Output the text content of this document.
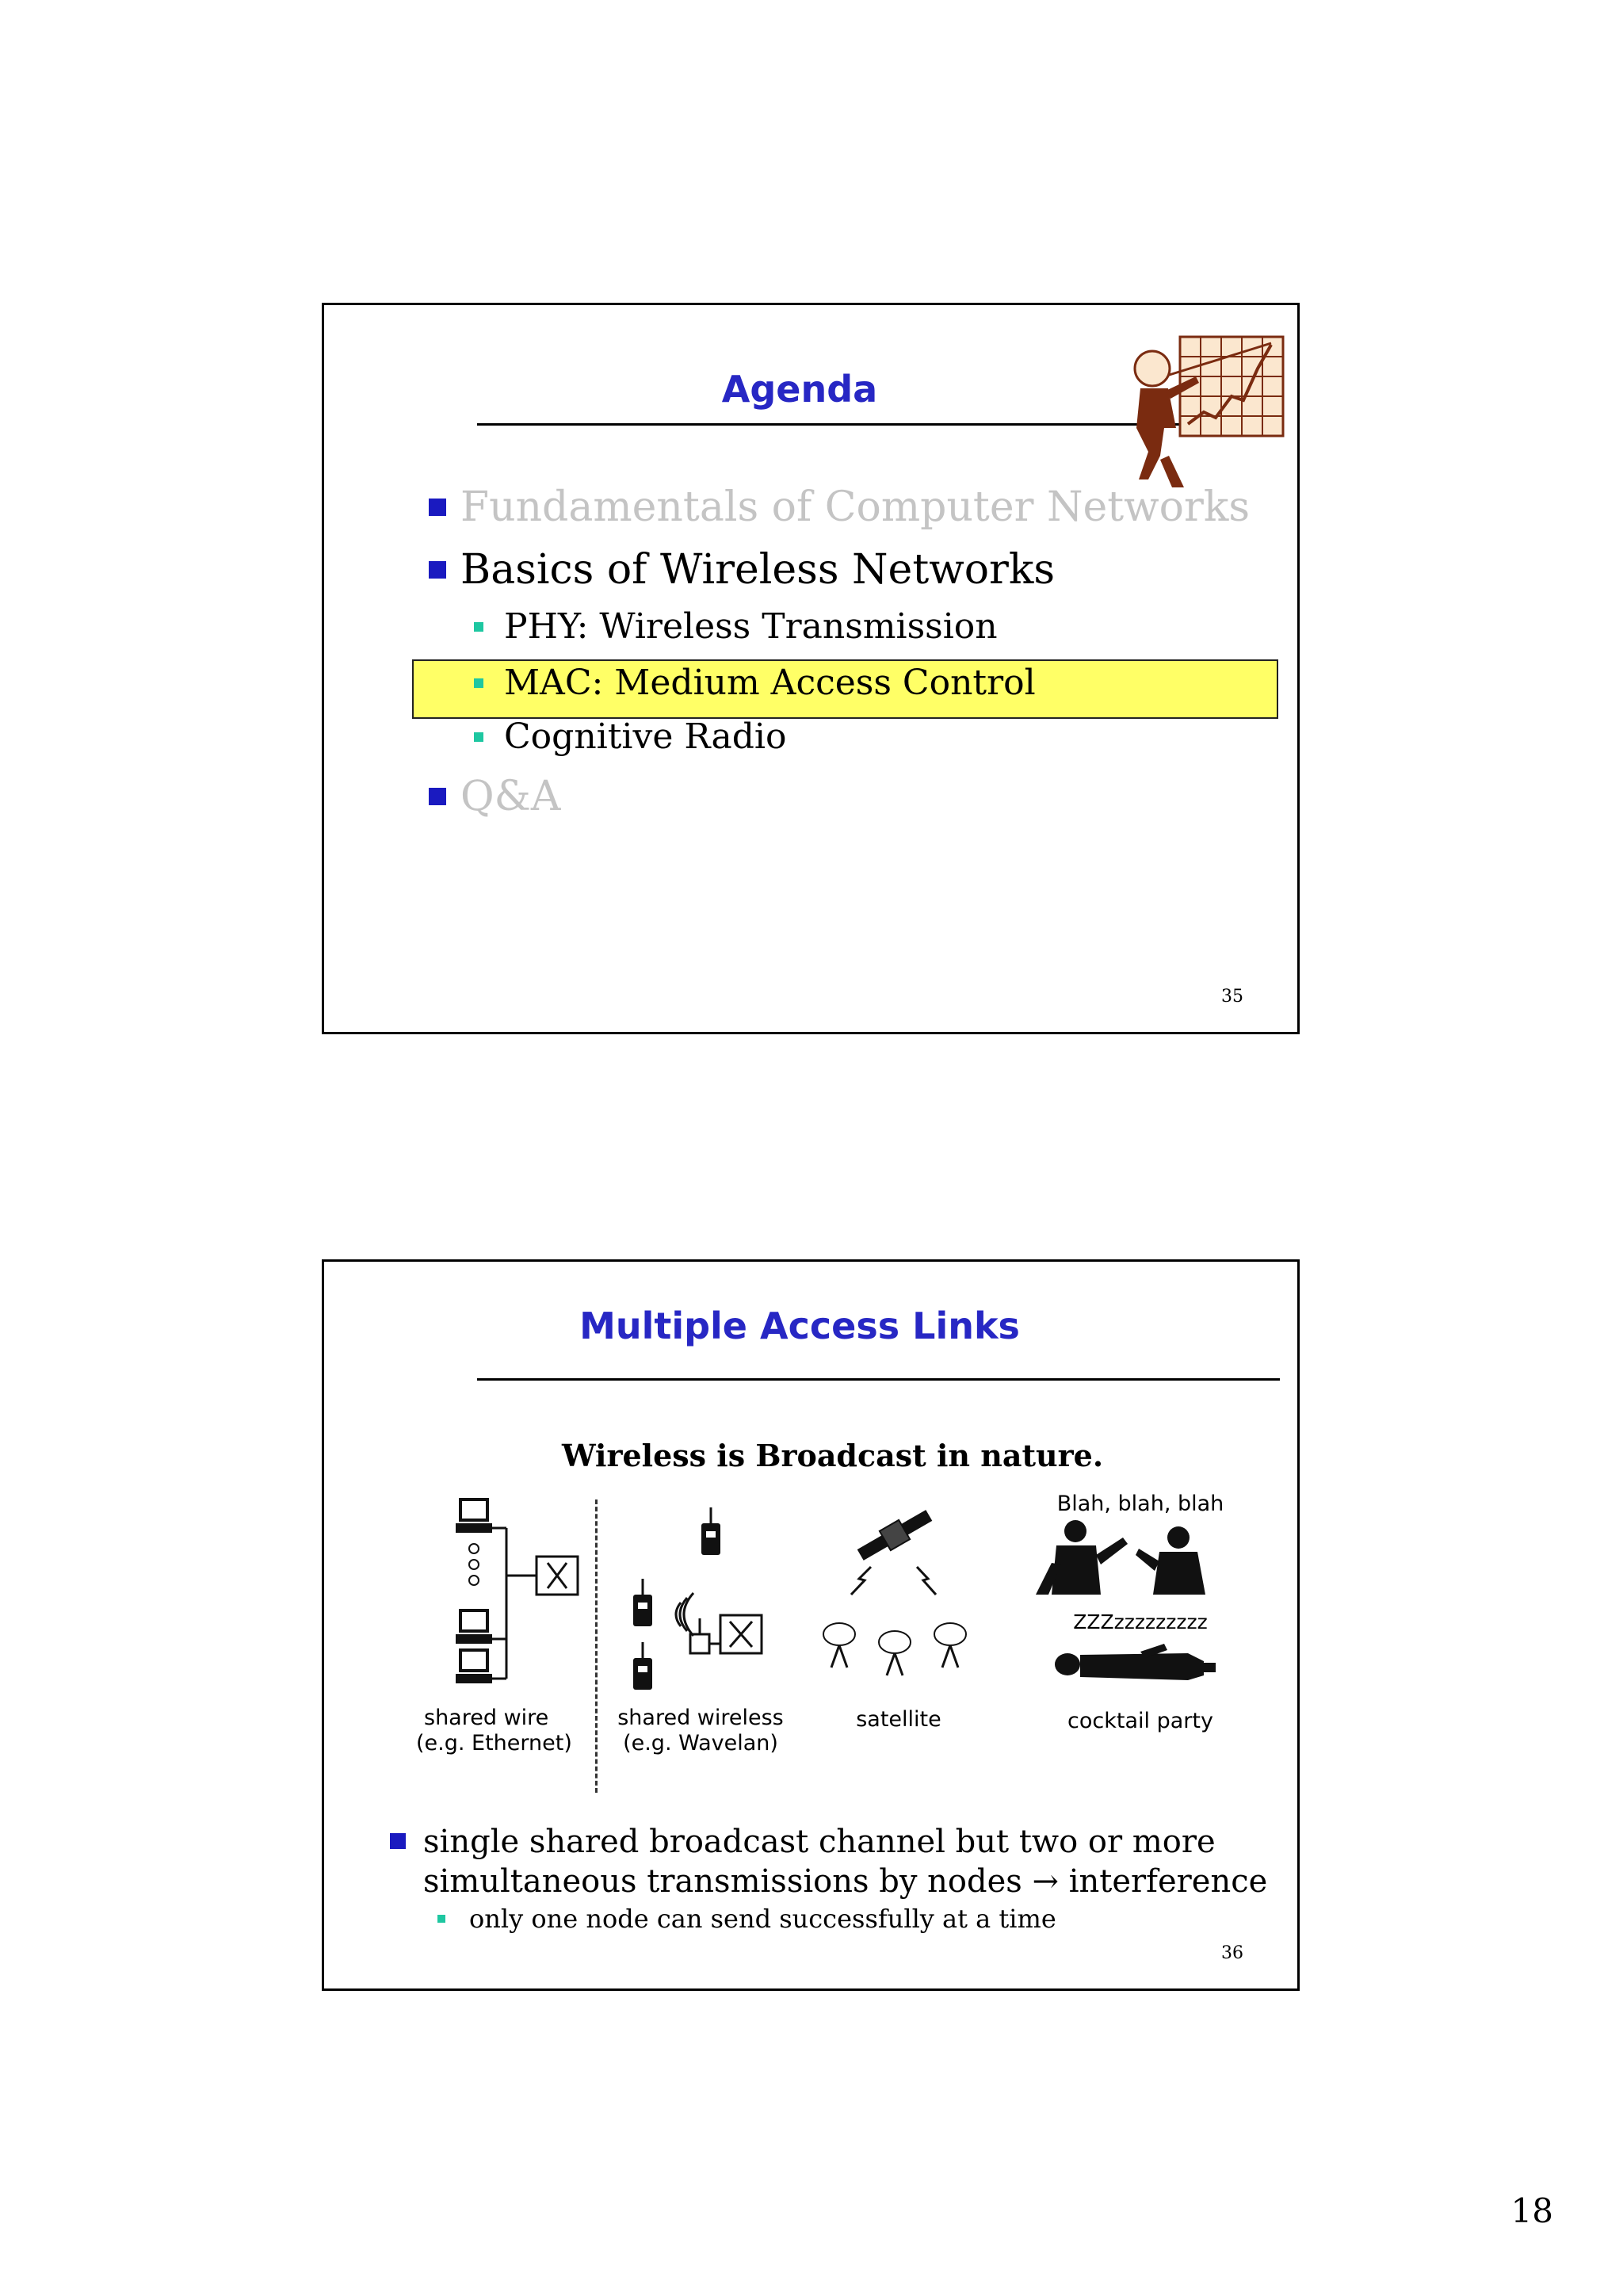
Agenda
Fundamentals of Computer Networks
Basics of Wireless Networks
PHY: Wireless Transmission
MAC: Medium Access Control
Cognitive Radio
Q&A
35
Multiple Access Links
Wireless is Broadcast in nature.
shared wire
(e.g. Ethernet)
shared wireless
(e.g. Wavelan)
satellite
Blah, blah, blah
ZZZzzzzzzzzz
cocktail party
single shared broadcast channel but two or more
simultaneous transmissions by nodes → interference
only one node can send successfully at a time
36
18
